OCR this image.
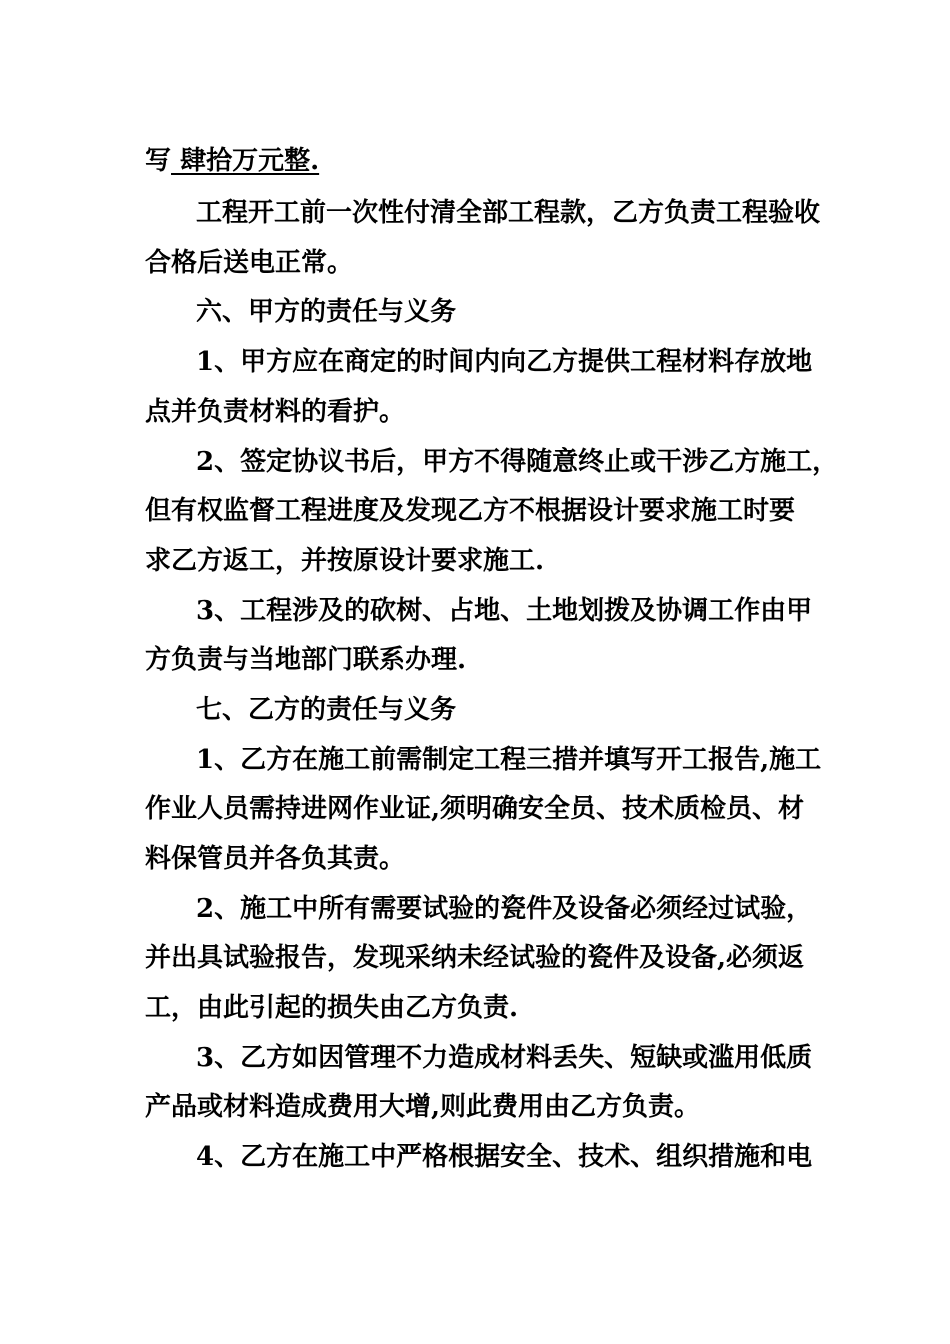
写 肆拾万元整.
工程开工前一次性付清全部工程款，乙方负责工程验收
合格后送电正常。
六、甲方的责任与义务
1、甲方应在商定的时间内向乙方提供工程材料存放地
点并负责材料的看护。
2、签定协议书后，甲方不得随意终止或干涉乙方施工，
但有权监督工程进度及发现乙方不根据设计要求施工时要
求乙方返工，并按原设计要求施工.
3、工程涉及的砍树、占地、土地划拨及协调工作由甲
方负责与当地部门联系办理.
七、乙方的责任与义务
1、乙方在施工前需制定工程三措并填写开工报告,施工
作业人员需持进网作业证,须明确安全员、技术质检员、材
料保管员并各负其责。
2、施工中所有需要试验的瓷件及设备必须经过试验，
并出具试验报告，发现采纳未经试验的瓷件及设备,必须返
工，由此引起的损失由乙方负责.
3、乙方如因管理不力造成材料丢失、短缺或滥用低质
产品或材料造成费用大增,则此费用由乙方负责。
4、乙方在施工中严格根据安全、技术、组织措施和电
